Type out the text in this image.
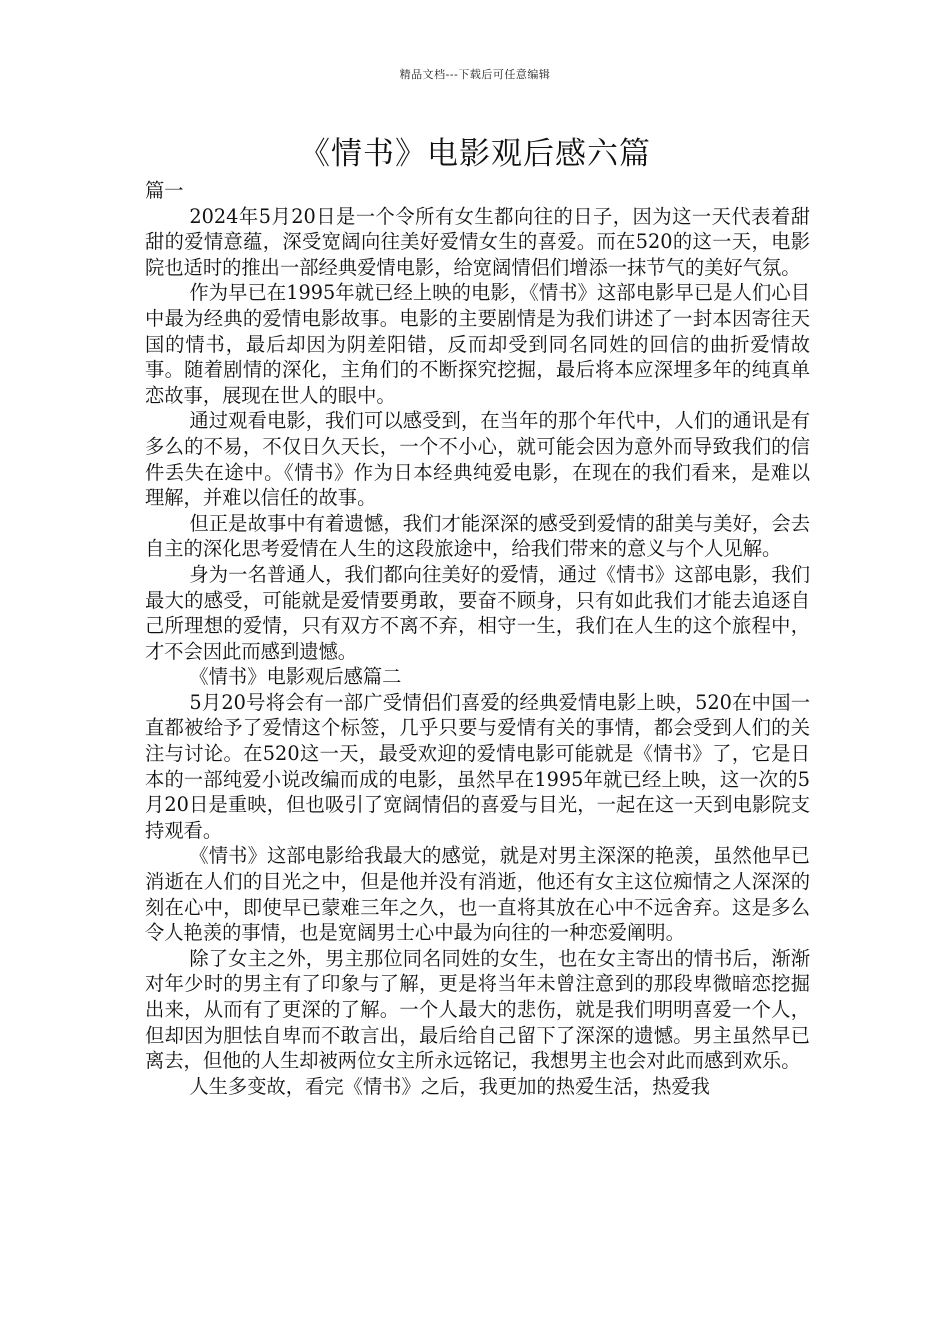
精品文档---下载后可任意编辑
《情书》电影观后感六篇

篇一

2024年5月20日是一个令所有女生都向往的日子，因为这一天代表着甜甜的爱情意蕴，深受宽阔向往美好爱情女生的喜爱。而在520的这一天，电影院也适时的推出一部经典爱情电影，给宽阔情侣们增添一抹节气的美好气氛。

作为早已在1995年就已经上映的电影，《情书》这部电影早已是人们心目中最为经典的爱情电影故事。电影的主要剧情是为我们讲述了一封本因寄往天国的情书，最后却因为阴差阳错，反而却受到同名同姓的回信的曲折爱情故事。随着剧情的深化，主角们的不断探究挖掘，最后将本应深埋多年的纯真单恋故事，展现在世人的眼中。

通过观看电影，我们可以感受到，在当年的那个年代中，人们的通讯是有多么的不易，不仅日久天长，一个不小心，就可能会因为意外而导致我们的信件丢失在途中。《情书》作为日本经典纯爱电影，在现在的我们看来，是难以理解，并难以信任的故事。

但正是故事中有着遗憾，我们才能深深的感受到爱情的甜美与美好，会去自主的深化思考爱情在人生的这段旅途中，给我们带来的意义与个人见解。

身为一名普通人，我们都向往美好的爱情，通过《情书》这部电影，我们最大的感受，可能就是爱情要勇敢，要奋不顾身，只有如此我们才能去追逐自己所理想的爱情，只有双方不离不弃，相守一生，我们在人生的这个旅程中，才不会因此而感到遗憾。

《情书》电影观后感篇二

5月20号将会有一部广受情侣们喜爱的经典爱情电影上映，520在中国一直都被给予了爱情这个标签，几乎只要与爱情有关的事情，都会受到人们的关注与讨论。在520这一天，最受欢迎的爱情电影可能就是《情书》了，它是日本的一部纯爱小说改编而成的电影，虽然早在1995年就已经上映，这一次的5月20日是重映，但也吸引了宽阔情侣的喜爱与目光，一起在这一天到电影院支持观看。

《情书》这部电影给我最大的感觉，就是对男主深深的艳羡，虽然他早已消逝在人们的目光之中，但是他并没有消逝，他还有女主这位痴情之人深深的刻在心中，即使早已蒙难三年之久，也一直将其放在心中不远舍弃。这是多么令人艳羡的事情，也是宽阔男士心中最为向往的一种恋爱阐明。

除了女主之外，男主那位同名同姓的女生，也在女主寄出的情书后，渐渐对年少时的男主有了印象与了解，更是将当年未曾注意到的那段卑微暗恋挖掘出来，从而有了更深的了解。一个人最大的悲伤，就是我们明明喜爱一个人，但却因为胆怯自卑而不敢言出，最后给自己留下了深深的遗憾。男主虽然早已离去，但他的人生却被两位女主所永远铭记，我想男主也会对此而感到欢乐。

人生多变故，看完《情书》之后，我更加的热爱生活，热爱我
